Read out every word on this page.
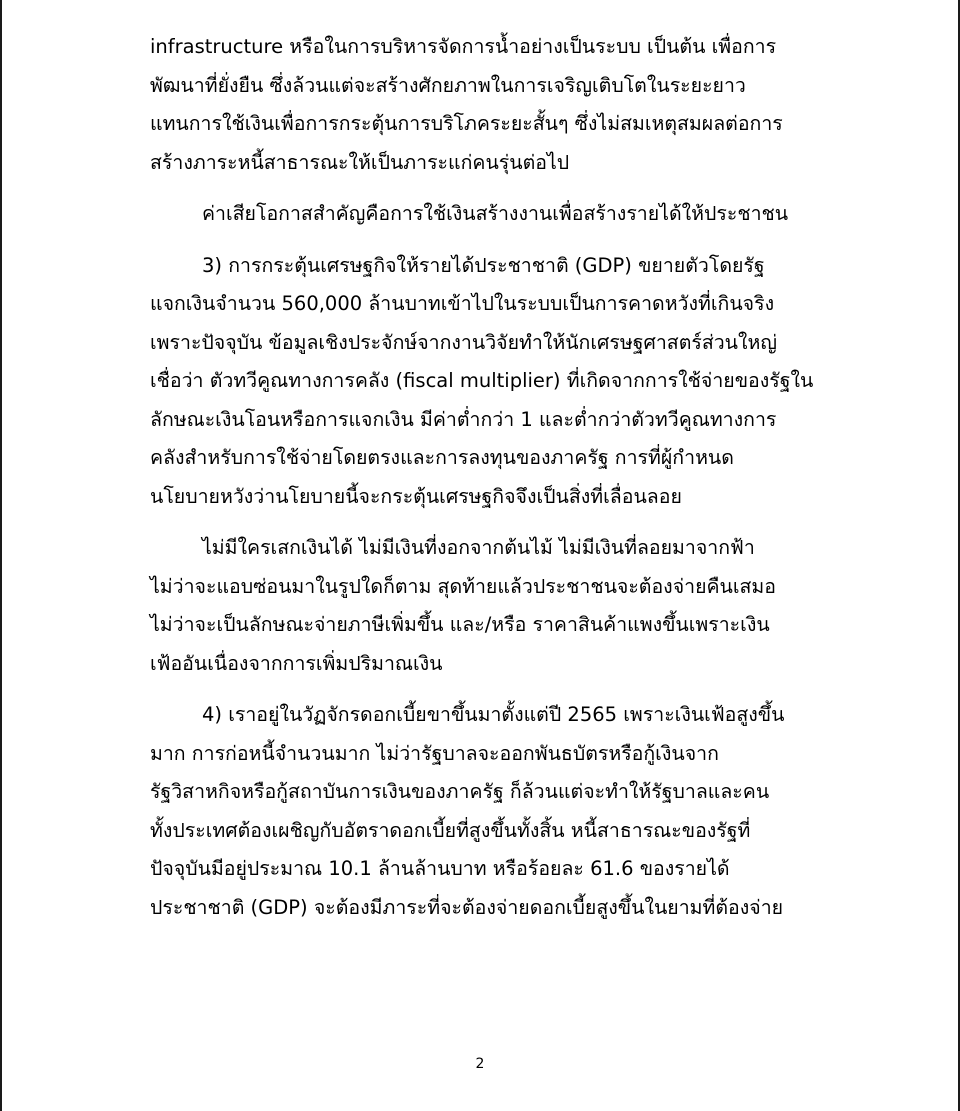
infrastructure หรือในการบริหารจัดการน้ำอย่างเป็นระบบ เป็นต้น เพื่อการ
พัฒนาที่ยั่งยืน ซึ่งล้วนแต่จะสร้างศักยภาพในการเจริญเติบโตในระยะยาว
แทนการใช้เงินเพื่อการกระตุ้นการบริโภคระยะสั้นๆ ซึ่งไม่สมเหตุสมผลต่อการ
สร้างภาระหนี้สาธารณะให้เป็นภาระแก่คนรุ่นต่อไป
ค่าเสียโอกาสสำคัญคือการใช้เงินสร้างงานเพื่อสร้างรายได้ให้ประชาชน
3) การกระตุ้นเศรษฐกิจให้รายได้ประชาชาติ (GDP) ขยายตัวโดยรัฐ
แจกเงินจำนวน 560,000 ล้านบาทเข้าไปในระบบเป็นการคาดหวังที่เกินจริง
เพราะปัจจุบัน ข้อมูลเชิงประจักษ์จากงานวิจัยทำให้นักเศรษฐศาสตร์ส่วนใหญ่
เชื่อว่า ตัวทวีคูณทางการคลัง (fiscal multiplier) ที่เกิดจากการใช้จ่ายของรัฐใน
ลักษณะเงินโอนหรือการแจกเงิน มีค่าต่ำกว่า 1 และต่ำกว่าตัวทวีคูณทางการ
คลังสำหรับการใช้จ่ายโดยตรงและการลงทุนของภาครัฐ การที่ผู้กำหนด
นโยบายหวังว่านโยบายนี้จะกระตุ้นเศรษฐกิจจึงเป็นสิ่งที่เลื่อนลอย
ไม่มีใครเสกเงินได้ ไม่มีเงินที่งอกจากต้นไม้ ไม่มีเงินที่ลอยมาจากฟ้า
ไม่ว่าจะแอบซ่อนมาในรูปใดก็ตาม สุดท้ายแล้วประชาชนจะต้องจ่ายคืนเสมอ
ไม่ว่าจะเป็นลักษณะจ่ายภาษีเพิ่มขึ้น และ/หรือ ราคาสินค้าแพงขึ้นเพราะเงิน
เฟ้ออันเนื่องจากการเพิ่มปริมาณเงิน
4) เราอยู่ในวัฏจักรดอกเบี้ยขาขึ้นมาตั้งแต่ปี 2565 เพราะเงินเฟ้อสูงขึ้น
มาก การก่อหนี้จำนวนมาก ไม่ว่ารัฐบาลจะออกพันธบัตรหรือกู้เงินจาก
รัฐวิสาหกิจหรือกู้สถาบันการเงินของภาครัฐ ก็ล้วนแต่จะทำให้รัฐบาลและคน
ทั้งประเทศต้องเผชิญกับอัตราดอกเบี้ยที่สูงขึ้นทั้งสิ้น หนี้สาธารณะของรัฐที่
ปัจจุบันมีอยู่ประมาณ 10.1 ล้านล้านบาท หรือร้อยละ 61.6 ของรายได้
ประชาชาติ (GDP) จะต้องมีภาระที่จะต้องจ่ายดอกเบี้ยสูงขึ้นในยามที่ต้องจ่าย
2
